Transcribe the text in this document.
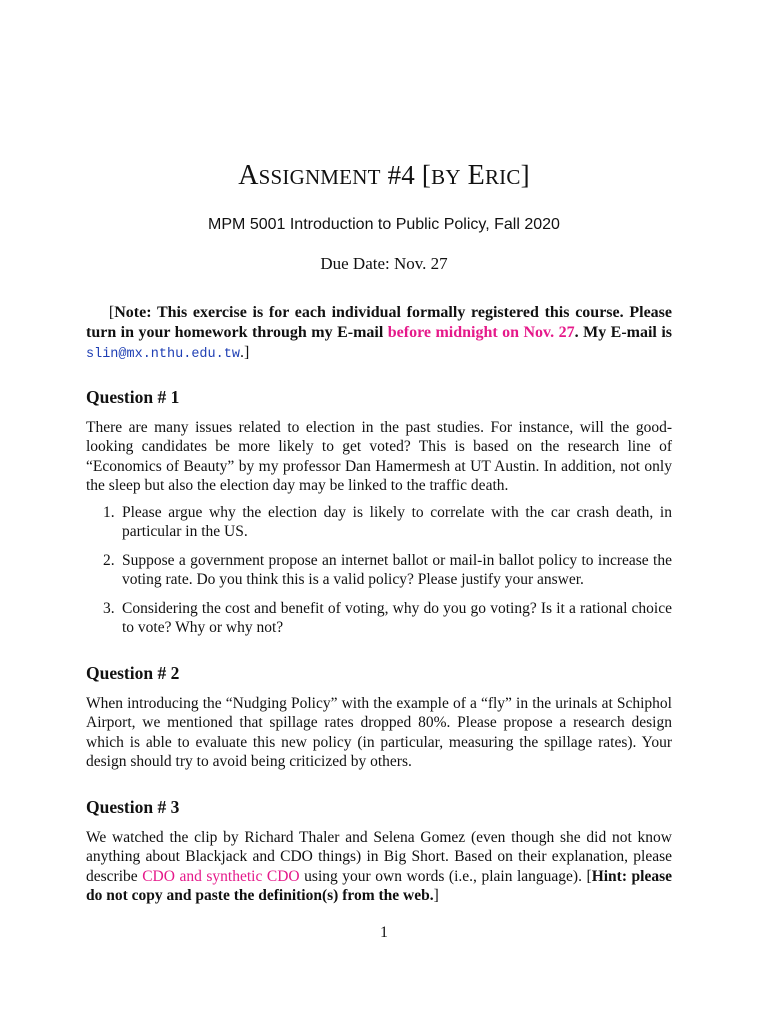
ASSIGNMENT #4 [BY ERIC]
MPM 5001 Introduction to Public Policy, Fall 2020
Due Date: Nov. 27
[Note: This exercise is for each individual formally registered this course. Please turn in your homework through my E-mail before midnight on Nov. 27. My E-mail is slin@mx.nthu.edu.tw.]
Question # 1
There are many issues related to election in the past studies. For instance, will the good-looking candidates be more likely to get voted? This is based on the research line of “Economics of Beauty” by my professor Dan Hamermesh at UT Austin. In addition, not only the sleep but also the election day may be linked to the traffic death.
1. Please argue why the election day is likely to correlate with the car crash death, in particular in the US.
2. Suppose a government propose an internet ballot or mail-in ballot policy to increase the voting rate. Do you think this is a valid policy? Please justify your answer.
3. Considering the cost and benefit of voting, why do you go voting? Is it a rational choice to vote? Why or why not?
Question # 2
When introducing the “Nudging Policy” with the example of a “fly” in the urinals at Schiphol Airport, we mentioned that spillage rates dropped 80%. Please propose a research design which is able to evaluate this new policy (in particular, measuring the spillage rates). Your design should try to avoid being criticized by others.
Question # 3
We watched the clip by Richard Thaler and Selena Gomez (even though she did not know anything about Blackjack and CDO things) in Big Short. Based on their explanation, please describe CDO and synthetic CDO using your own words (i.e., plain language). [Hint: please do not copy and paste the definition(s) from the web.]
1
